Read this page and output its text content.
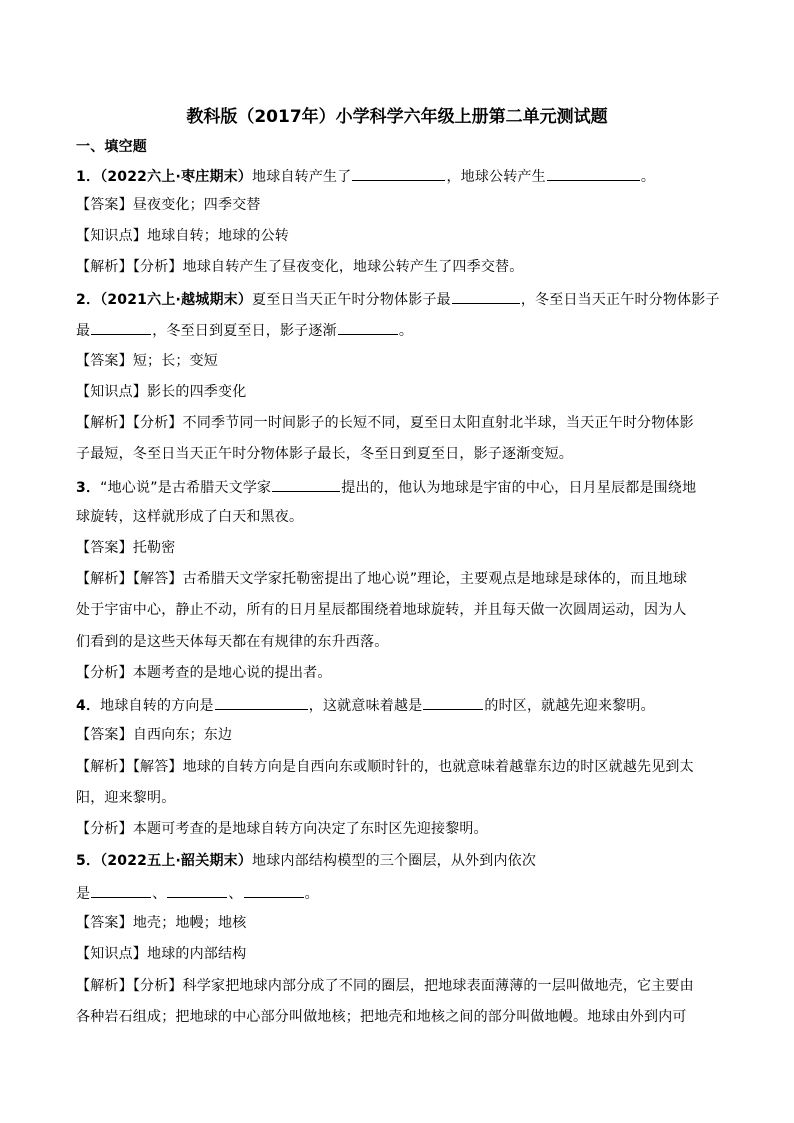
教科版（2017年）小学科学六年级上册第二单元测试题
一、填空题
1．（2022六上·枣庄期末）地球自转产生了	，地球公转产生	。
【答案】昼夜变化；四季交替
【知识点】地球自转；地球的公转
【解析】【分析】地球自转产生了昼夜变化，地球公转产生了四季交替。
2．（2021六上·越城期末）夏至日当天正午时分物体影子最	，冬至日当天正午时分物体影子
最	，冬至日到夏至日，影子逐渐	。
【答案】短；长；变短
【知识点】影长的四季变化
【解析】【分析】不同季节同一时间影子的长短不同，夏至日太阳直射北半球，当天正午时分物体影
子最短，冬至日当天正午时分物体影子最长，冬至日到夏至日，影子逐渐变短。
3．“地心说”是古希腊天文学家	提出的，他认为地球是宇宙的中心，日月星辰都是围绕地
球旋转，这样就形成了白天和黑夜。
【答案】托勒密
【解析】【解答】古希腊天文学家托勒密提出了地心说”理论，主要观点是地球是球体的，而且地球
处于宇宙中心，静止不动，所有的日月星辰都围绕着地球旋转，并且每天做一次圆周运动，因为人
们看到的是这些天体每天都在有规律的东升西落。
【分析】本题考查的是地心说的提出者。
4．地球自转的方向是	，这就意味着越是	的时区，就越先迎来黎明。
【答案】自西向东；东边
【解析】【解答】地球的自转方向是自西向东或顺时针的，也就意味着越靠东边的时区就越先见到太
阳，迎来黎明。
【分析】本题可考查的是地球自转方向决定了东时区先迎接黎明。
5．（2022五上·韶关期末）地球内部结构模型的三个圈层，从外到内依次
是	、	、	。
【答案】地壳；地幔；地核
【知识点】地球的内部结构
【解析】【分析】科学家把地球内部分成了不同的圈层，把地球表面薄薄的一层叫做地壳，它主要由
各种岩石组成；把地球的中心部分叫做地核；把地壳和地核之间的部分叫做地幔。地球由外到内可
